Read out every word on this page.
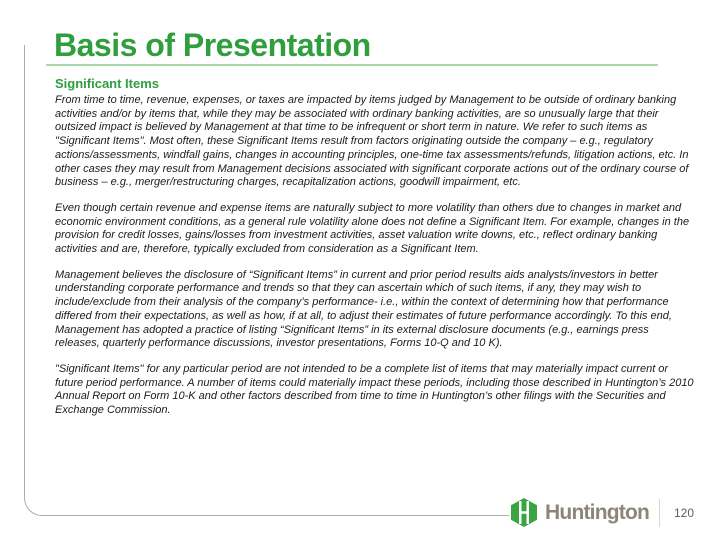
Basis of Presentation
Significant Items

From time to time, revenue, expenses, or taxes are impacted by items judged by Management to be outside of ordinary banking activities and/or by items that, while they may be associated with ordinary banking activities, are so unusually large that their outsized impact is believed by Management at that time to be infrequent or short term in nature. We refer to such items as "Significant Items". Most often, these Significant Items result from factors originating outside the company – e.g., regulatory actions/assessments, windfall gains, changes in accounting principles, one-time tax assessments/refunds, litigation actions, etc. In other cases they may result from Management decisions associated with significant corporate actions out of the ordinary course of business – e.g., merger/restructuring charges, recapitalization actions, goodwill impairment, etc.

Even though certain revenue and expense items are naturally subject to more volatility than others due to changes in market and economic environment conditions, as a general rule volatility alone does not define a Significant Item. For example, changes in the provision for credit losses, gains/losses from investment activities, asset valuation write downs, etc., reflect ordinary banking activities and are, therefore, typically excluded from consideration as a Significant Item.

Management believes the disclosure of “Significant Items” in current and prior period results aids analysts/investors in better understanding corporate performance and trends so that they can ascertain which of such items, if any, they may wish to include/exclude from their analysis of the company’s performance- i.e., within the context of determining how that performance differed from their expectations, as well as how, if at all, to adjust their estimates of future performance accordingly. To this end, Management has adopted a practice of listing “Significant Items” in its external disclosure documents (e.g., earnings press releases, quarterly performance discussions, investor presentations, Forms 10-Q and 10 K).

"Significant Items" for any particular period are not intended to be a complete list of items that may materially impact current or future period performance. A number of items could materially impact these periods, including those described in Huntington’s 2010 Annual Report on Form 10-K and other factors described from time to time in Huntington’s other filings with the Securities and Exchange Commission.

Huntington	120
